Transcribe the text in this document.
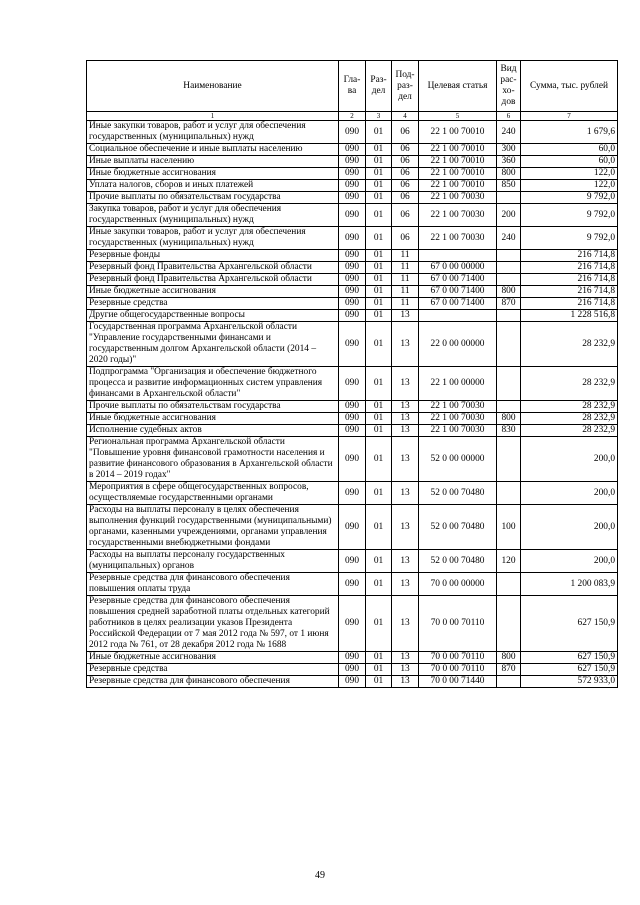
Наименование	Гла-ва	Раз-дел	Под-раз-дел	Целевая статья	Вид рас-хо-дов	Сумма, тыс. рублей
1	2	3	4	5	6	7
Иные закупки товаров, работ и услуг для обеспечения государственных (муниципальных) нужд	090	01	06	22 1 00 70010	240	1 679,6
Социальное обеспечение и иные выплаты населению	090	01	06	22 1 00 70010	300	60,0
Иные выплаты населению	090	01	06	22 1 00 70010	360	60,0
Иные бюджетные ассигнования	090	01	06	22 1 00 70010	800	122,0
Уплата налогов, сборов и иных платежей	090	01	06	22 1 00 70010	850	122,0
Прочие выплаты по обязательствам государства	090	01	06	22 1 00 70030		9 792,0
Закупка товаров, работ и услуг для обеспечения государственных (муниципальных) нужд	090	01	06	22 1 00 70030	200	9 792,0
Иные закупки товаров, работ и услуг для обеспечения государственных (муниципальных) нужд	090	01	06	22 1 00 70030	240	9 792,0
Резервные фонды	090	01	11			216 714,8
Резервный фонд Правительства Архангельской области	090	01	11	67 0 00 00000		216 714,8
Резервный фонд Правительства Архангельской области	090	01	11	67 0 00 71400		216 714,8
Иные бюджетные ассигнования	090	01	11	67 0 00 71400	800	216 714,8
Резервные средства	090	01	11	67 0 00 71400	870	216 714,8
Другие общегосударственные вопросы	090	01	13			1 228 516,8
Государственная программа Архангельской области "Управление государственными финансами и государственным долгом Архангельской области (2014 – 2020 годы)"	090	01	13	22 0 00 00000		28 232,9
Подпрограмма "Организация и обеспечение бюджетного процесса и развитие информационных систем управления финансами в Архангельской области"	090	01	13	22 1 00 00000		28 232,9
Прочие выплаты по обязательствам государства	090	01	13	22 1 00 70030		28 232,9
Иные бюджетные ассигнования	090	01	13	22 1 00 70030	800	28 232,9
Исполнение судебных актов	090	01	13	22 1 00 70030	830	28 232,9
Региональная программа Архангельской области "Повышение уровня финансовой грамотности населения и развитие финансового образования в Архангельской области в 2014 – 2019 годах"	090	01	13	52 0 00 00000		200,0
Мероприятия в сфере общегосударственных вопросов, осуществляемые государственными органами	090	01	13	52 0 00 70480		200,0
Расходы на выплаты персоналу в целях обеспечения выполнения функций государственными (муниципальными) органами, казенными учреждениями, органами управления государственными внебюджетными фондами	090	01	13	52 0 00 70480	100	200,0
Расходы на выплаты персоналу государственных (муниципальных) органов	090	01	13	52 0 00 70480	120	200,0
Резервные средства для финансового обеспечения повышения оплаты труда	090	01	13	70 0 00 00000		1 200 083,9
Резервные средства для финансового обеспечения повышения средней заработной платы отдельных категорий работников в целях реализации указов Президента Российской Федерации от 7 мая 2012 года № 597, от 1 июня 2012 года № 761, от 28 декабря 2012 года № 1688	090	01	13	70 0 00 70110		627 150,9
Иные бюджетные ассигнования	090	01	13	70 0 00 70110	800	627 150,9
Резервные средства	090	01	13	70 0 00 70110	870	627 150,9
Резервные средства для финансового обеспечения	090	01	13	70 0 00 71440		572 933,0
49
